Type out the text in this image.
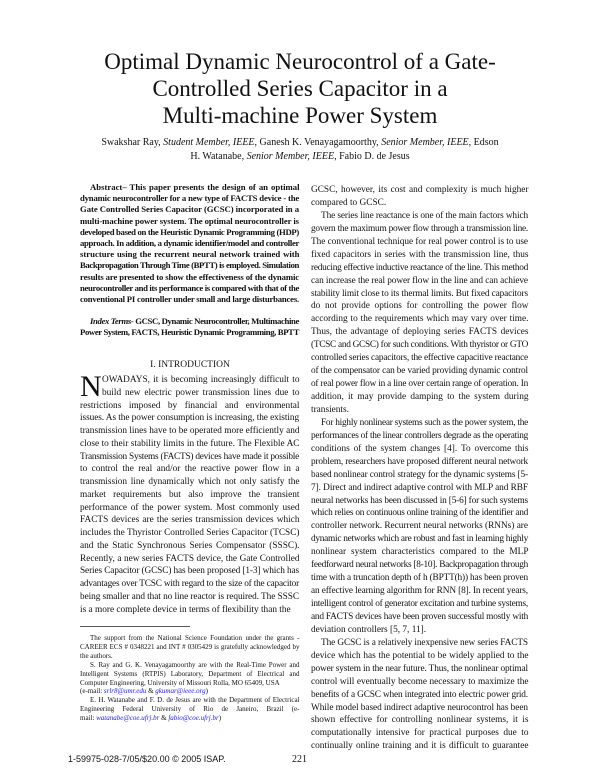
Optimal Dynamic Neurocontrol of a Gate-
Controlled Series Capacitor in a
Multi-machine Power System
Swakshar Ray, Student Member, IEEE, Ganesh K. Venayagamoorthy, Senior Member, IEEE, Edson
H. Watanabe, Senior Member, IEEE, Fabio D. de Jesus
Abstract– This paper presents the design of an optimal
dynamic neurocontroller for a new type of FACTS device - the
Gate Controlled Series Capacitor (GCSC) incorporated in a
multi-machine power system. The optimal neurocontroller is
developed based on the Heuristic Dynamic Programming (HDP)
approach. In addition, a dynamic identifier/model and controller
structure using the recurrent neural network trained with
Backpropagation Through Time (BPTT) is employed. Simulation
results are presented to show the effectiveness of the dynamic
neurocontroller and its performance is compared with that of the
conventional PI controller under small and large disturbances.
Index Terms- GCSC, Dynamic Neurocontroller, Multimachine
Power System, FACTS, Heuristic Dynamic Programming, BPTT
I. INTRODUCTION
N OWADAYS, it is becoming increasingly difficult to
build new electric power transmission lines due to
restrictions imposed by financial and environmental
issues. As the power consumption is increasing, the existing
transmission lines have to be operated more efficiently and
close to their stability limits in the future. The Flexible AC
Transmission Systems (FACTS) devices have made it possible
to control the real and/or the reactive power flow in a
transmission line dynamically which not only satisfy the
market requirements but also improve the transient
performance of the power system. Most commonly used
FACTS devices are the series transmission devices which
includes the Thyristor Controlled Series Capacitor (TCSC)
and the Static Synchronous Series Compensator (SSSC).
Recently, a new series FACTS device, the Gate Controlled
Series Capacitor (GCSC) has been proposed [1-3] which has
advantages over TCSC with regard to the size of the capacitor
being smaller and that no line reactor is required. The SSSC
is a more complete device in terms of flexibility than the
GCSC, however, its cost and complexity is much higher
compared to GCSC.
The series line reactance is one of the main factors which
govern the maximum power flow through a transmission line.
The conventional technique for real power control is to use
fixed capacitors in series with the transmission line, thus
reducing effective inductive reactance of the line. This method
can increase the real power flow in the line and can achieve
stability limit close to its thermal limits. But fixed capacitors
do not provide options for controlling the power flow
according to the requirements which may vary over time.
Thus, the advantage of deploying series FACTS devices
(TCSC and GCSC) for such conditions. With thyristor or GTO
controlled series capacitors, the effective capacitive reactance
of the compensator can be varied providing dynamic control
of real power flow in a line over certain range of operation. In
addition, it may provide damping to the system during
transients.
For highly nonlinear systems such as the power system, the
performances of the linear controllers degrade as the operating
conditions of the system changes [4]. To overcome this
problem, researchers have proposed different neural network
based nonlinear control strategy for the dynamic systems [5-
7]. Direct and indirect adaptive control with MLP and RBF
neural networks has been discussed in [5-6] for such systems
which relies on continuous online training of the identifier and
controller network. Recurrent neural networks (RNNs) are
dynamic networks which are robust and fast in learning highly
nonlinear system characteristics compared to the MLP
feedforward neural networks [8-10]. Backpropagation through
time with a truncation depth of h (BPTT(h)) has been proven
an effective learning algorithm for RNN [8]. In recent years,
intelligent control of generator excitation and turbine systems,
and FACTS devices have been proven successful mostly with
deviation controllers [5, 7, 11].
The GCSC is a relatively inexpensive new series FACTS
device which has the potential to be widely applied to the
power system in the near future. Thus, the nonlinear optimal
control will eventually become necessary to maximize the
benefits of a GCSC when integrated into electric power grid.
While model based indirect adaptive neurocontrol has been
shown effective for controlling nonlinear systems, it is
computationally intensive for practical purposes due to
continually online training and it is difficult to guarantee
The support from the National Science Foundation under the grants -
CAREER ECS # 0348221 and INT # 0305429 is gratefully acknowledged by
the authors.
S. Ray and G. K. Venayagamoorthy are with the Real-Time Power and
Intelligent Systems (RTPIS) Laboratory, Department of Electrical and
Computer Engineering, University of Missouri Rolla, MO 65409, USA
(e-mail: srlr8@umr.edu & gkumar@ieee.org)
E. H. Watanabe and F. D. de Jesus are with the Department of Electrical
Engineering Federal University of Rio de Janeiro, Brazil (e-
mail: watanabe@coe.ufrj.br & fabio@coe.ufrj.br)
1-59975-028-7/05/$20.00 © 2005 ISAP.	221
